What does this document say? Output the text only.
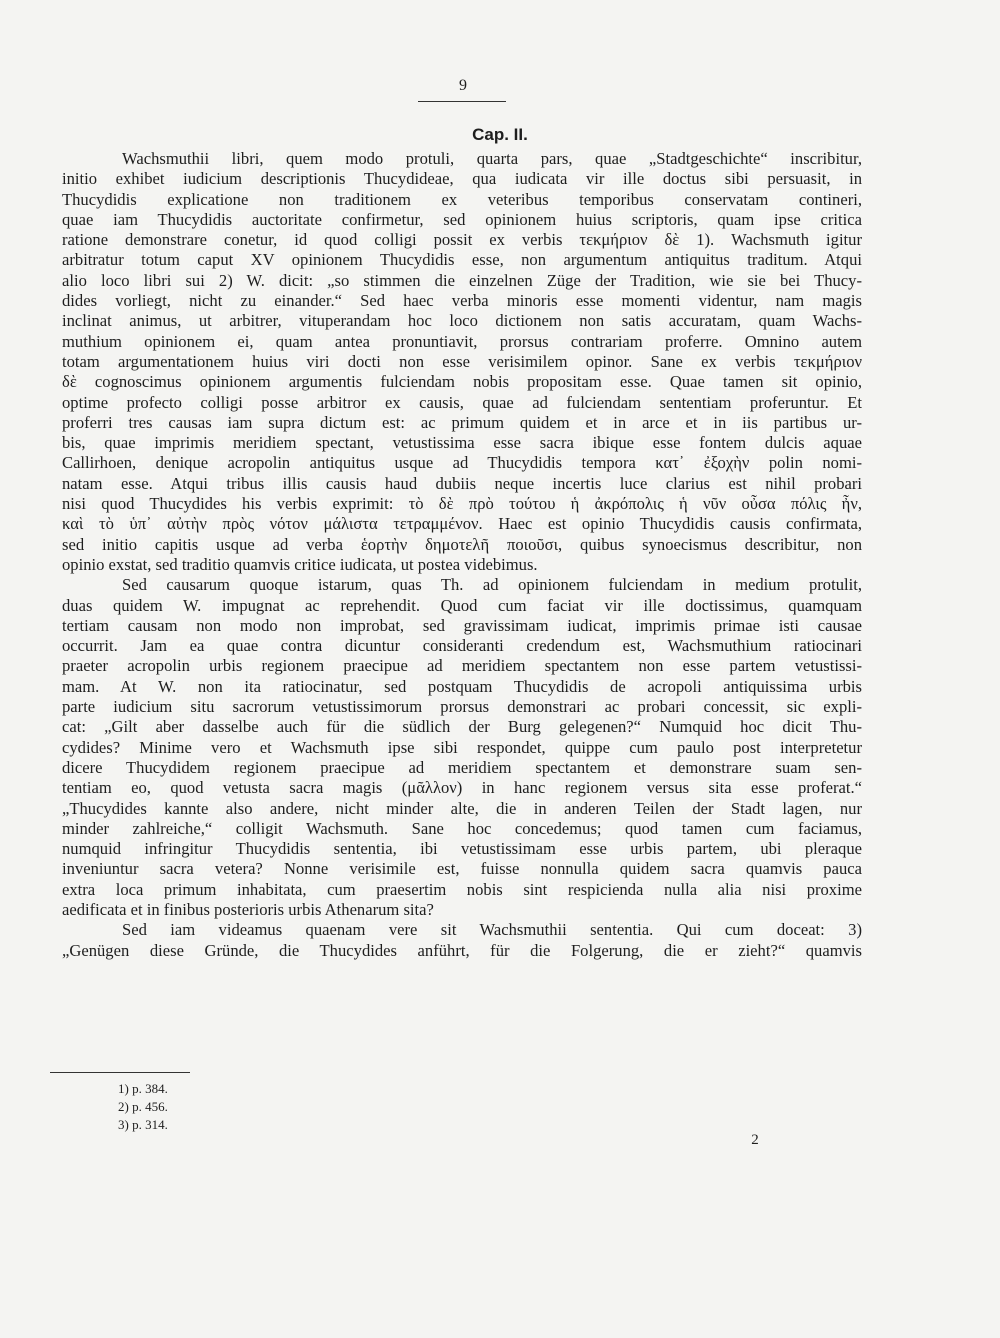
9
Cap. II.
Wachsmuthii libri, quem modo protuli, quarta pars, quae „Stadtgeschichte“ inscribitur,
initio exhibet iudicium descriptionis Thucydideae, qua iudicata vir ille doctus sibi persuasit, in
Thucydidis explicatione non traditionem ex veteribus temporibus conservatam contineri,
quae iam Thucydidis auctoritate confirmetur, sed opinionem huius scriptoris, quam ipse critica
ratione demonstrare conetur, id quod colligi possit ex verbis τεκμήριον δὲ 1). Wachsmuth igitur
arbitratur totum caput XV opinionem Thucydidis esse, non argumentum antiquitus traditum. Atqui
alio loco libri sui 2) W. dicit: „so stimmen die einzelnen Züge der Tradition, wie sie bei Thucy-
dides vorliegt, nicht zu einander.“ Sed haec verba minoris esse momenti videntur, nam magis
inclinat animus, ut arbitrer, vituperandam hoc loco dictionem non satis accuratam, quam Wachs-
muthium opinionem ei, quam antea pronuntiavit, prorsus contrariam proferre. Omnino autem
totam argumentationem huius viri docti non esse verisimilem opinor. Sane ex verbis τεκμήριον
δὲ cognoscimus opinionem argumentis fulciendam nobis propositam esse. Quae tamen sit opinio,
optime profecto colligi posse arbitror ex causis, quae ad fulciendam sententiam proferuntur. Et
proferri tres causas iam supra dictum est: ac primum quidem et in arce et in iis partibus ur-
bis, quae imprimis meridiem spectant, vetustissima esse sacra ibique esse fontem dulcis aquae
Callirhoen, denique acropolin antiquitus usque ad Thucydidis tempora κατ᾽ ἐξοχὴν polin nomi-
natam esse. Atqui tribus illis causis haud dubiis neque incertis luce clarius est nihil probari
nisi quod Thucydides his verbis exprimit: τὸ δὲ πρὸ τούτου ἡ ἀκρόπολις ἡ νῦν οὖσα πόλις ἦν,
καὶ τὸ ὑπ᾽ αὐτὴν πρὸς νότον μάλιστα τετραμμένον. Haec est opinio Thucydidis causis confirmata,
sed initio capitis usque ad verba ἑορτὴν δημοτελῆ ποιοῦσι, quibus synoecismus describitur, non
opinio exstat, sed traditio quamvis critice iudicata, ut postea videbimus.
Sed causarum quoque istarum, quas Th. ad opinionem fulciendam in medium protulit,
duas quidem W. impugnat ac reprehendit. Quod cum faciat vir ille doctissimus, quamquam
tertiam causam non modo non improbat, sed gravissimam iudicat, imprimis primae isti causae
occurrit. Jam ea quae contra dicuntur consideranti credendum est, Wachsmuthium ratiocinari
praeter acropolin urbis regionem praecipue ad meridiem spectantem non esse partem vetustissi-
mam. At W. non ita ratiocinatur, sed postquam Thucydidis de acropoli antiquissima urbis
parte iudicium situ sacrorum vetustissimorum prorsus demonstrari ac probari concessit, sic expli-
cat: „Gilt aber dasselbe auch für die südlich der Burg gelegenen?“ Numquid hoc dicit Thu-
cydides? Minime vero et Wachsmuth ipse sibi respondet, quippe cum paulo post interpretetur
dicere Thucydidem regionem praecipue ad meridiem spectantem et demonstrare suam sen-
tentiam eo, quod vetusta sacra magis (μᾶλλον) in hanc regionem versus sita esse proferat.“
„Thucydides kannte also andere, nicht minder alte, die in anderen Teilen der Stadt lagen, nur
minder zahlreiche,“ colligit Wachsmuth. Sane hoc concedemus; quod tamen cum faciamus,
numquid infringitur Thucydidis sententia, ibi vetustissimam esse urbis partem, ubi pleraque
inveniuntur sacra vetera? Nonne verisimile est, fuisse nonnulla quidem sacra quamvis pauca
extra loca primum inhabitata, cum praesertim nobis sint respicienda nulla alia nisi proxime
aedificata et in finibus posterioris urbis Athenarum sita?
Sed iam videamus quaenam vere sit Wachsmuthii sententia. Qui cum doceat: 3)
„Genügen diese Gründe, die Thucydides anführt, für die Folgerung, die er zieht?“ quamvis
1) p. 384.
2) p. 456.
3) p. 314.
2
